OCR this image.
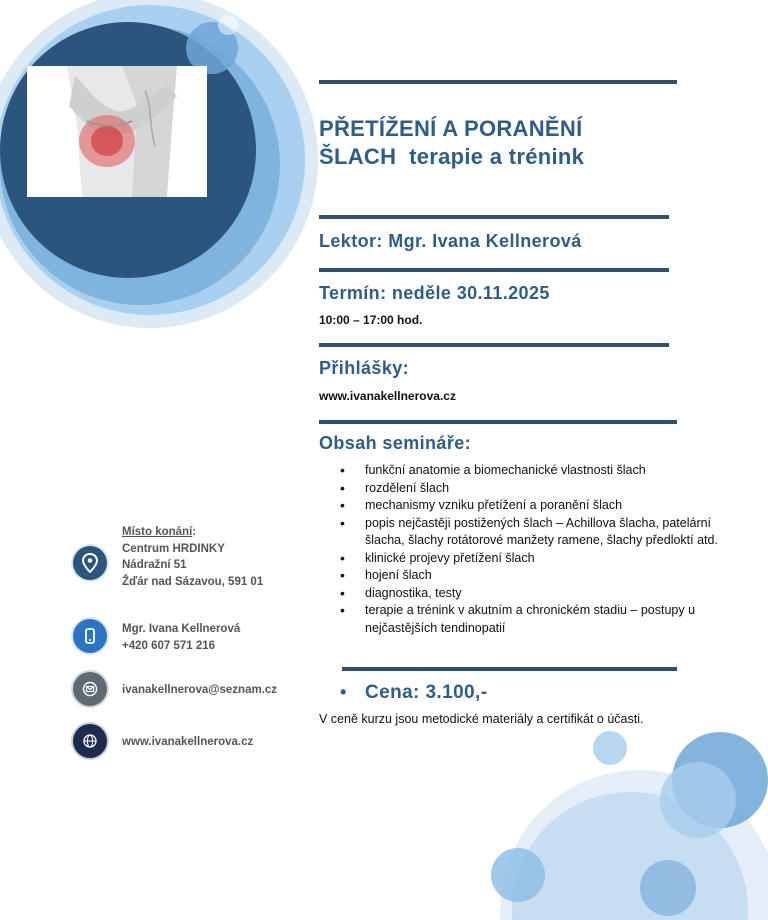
PŘETÍŽENÍ A PORANĚNÍ
ŠLACH  terapie a trénink
Lektor: Mgr. Ivana Kellnerová
Termín: neděle 30.11.2025
10:00 – 17:00 hod.
Přihlášky:
www.ivanakellnerova.cz
Obsah semináře:
• funkční anatomie a biomechanické vlastnosti šlach
• rozdělení šlach
• mechanismy vzniku přetížení a poranění šlach
• popis nejčastěji postižených šlach – Achillova šlacha, patelární šlacha, šlachy rotátorové manžety ramene, šlachy předloktí atd.
• klinické projevy přetížení šlach
• hojení šlach
• diagnostika, testy
• terapie a trénink v akutním a chronickém stadiu – postupy u nejčastějších tendinopatií
• Cena: 3.100,-
V ceně kurzu jsou metodické materiály a certifikát o účasti.
Místo konání:
Centrum HRDINKY
Nádražní 51
Žďár nad Sázavou, 591 01
Mgr. Ivana Kellnerová
+420 607 571 216
ivanakellnerova@seznam.cz
www.ivanakellnerova.cz
